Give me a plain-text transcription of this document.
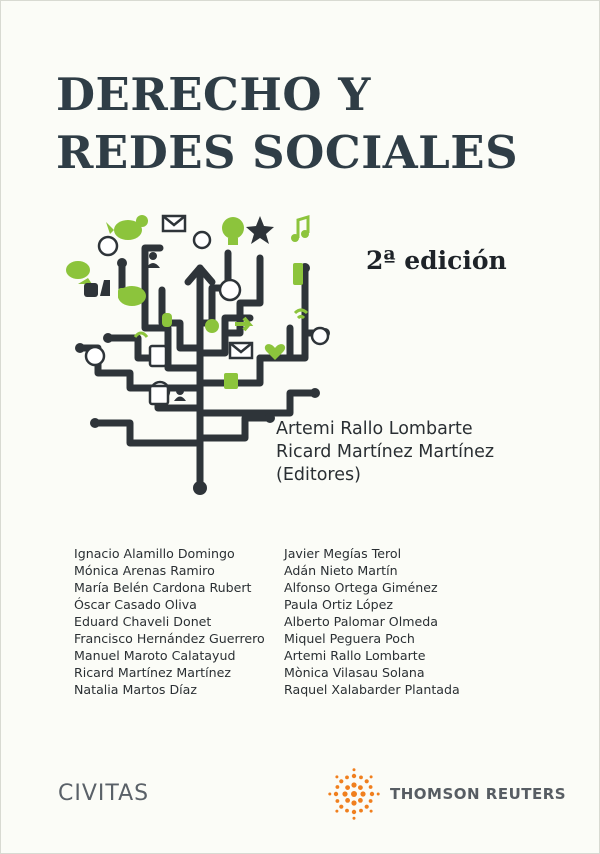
DERECHO Y
REDES SOCIALES
2ª edición
Artemi Rallo Lombarte
Ricard Martínez Martínez
(Editores)
Ignacio Alamillo Domingo
Mónica Arenas Ramiro
María Belén Cardona Rubert
Óscar Casado Oliva
Eduard Chaveli Donet
Francisco Hernández Guerrero
Manuel Maroto Calatayud
Ricard Martínez Martínez
Natalia Martos Díaz
Javier Megías Terol
Adán Nieto Martín
Alfonso Ortega Giménez
Paula Ortiz López
Alberto Palomar Olmeda
Miquel Peguera Poch
Artemi Rallo Lombarte
Mònica Vilasau Solana
Raquel Xalabarder Plantada
CIVITAS	THOMSON REUTERS
